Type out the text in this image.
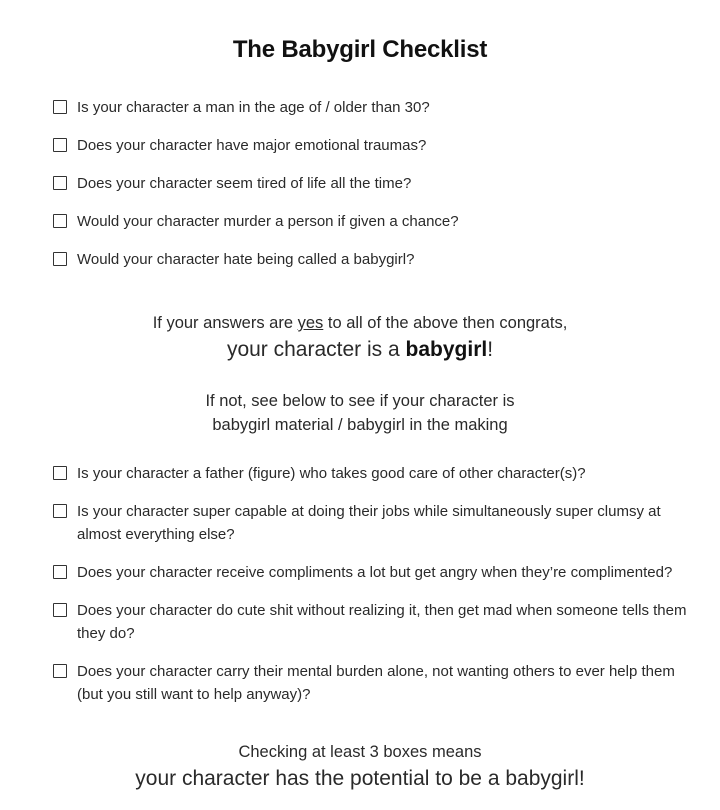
The Babygirl Checklist
Is your character a man in the age of / older than 30?
Does your character have major emotional traumas?
Does your character seem tired of life all the time?
Would your character murder a person if given a chance?
Would your character hate being called a babygirl?
If your answers are yes to all of the above then congrats,
your character is a babygirl!
If not, see below to see if your character is
babygirl material / babygirl in the making
Is your character a father (figure) who takes good care of other character(s)?
Is your character super capable at doing their jobs while simultaneously super clumsy at almost everything else?
Does your character receive compliments a lot but get angry when they’re complimented?
Does your character do cute shit without realizing it, then get mad when someone tells them they do?
Does your character carry their mental burden alone, not wanting others to ever help them (but you still want to help anyway)?
Checking at least 3 boxes means
your character has the potential to be a babygirl!
